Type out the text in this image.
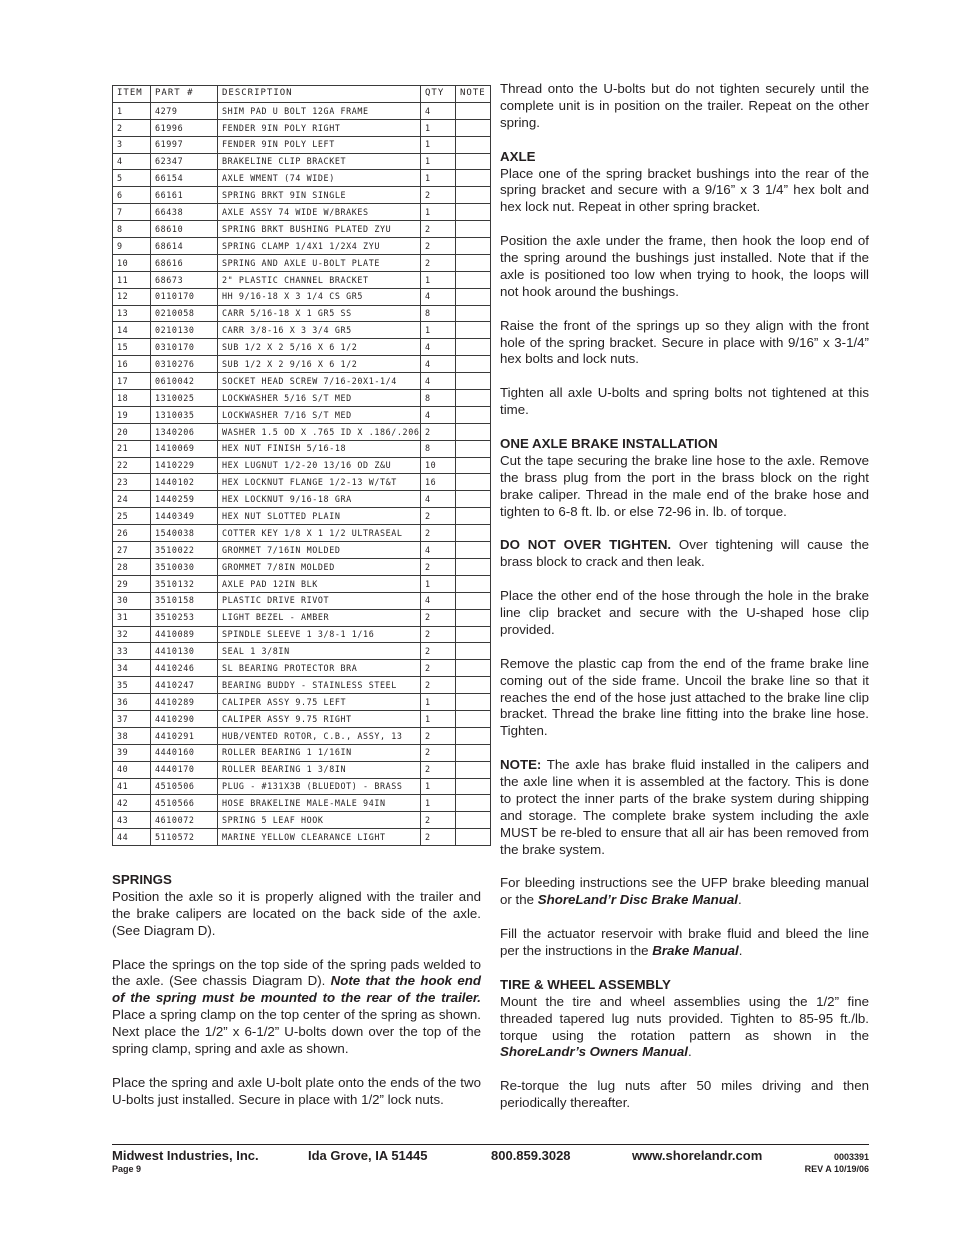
ITEM	PART #	DESCRIPTION	QTY	NOTE
1	4279	SHIM PAD U BOLT 12GA FRAME	4	
2	61996	FENDER 9IN POLY RIGHT	1	
3	61997	FENDER 9IN POLY LEFT	1	
4	62347	BRAKELINE CLIP BRACKET	1	
5	66154	AXLE WMENT (74 WIDE)	1	
6	66161	SPRING BRKT 9IN SINGLE	2	
7	66438	AXLE ASSY 74 WIDE W/BRAKES	1	
8	68610	SPRING BRKT BUSHING PLATED ZYU	2	
9	68614	SPRING CLAMP 1/4X1 1/2X4 ZYU	2	
10	68616	SPRING AND AXLE U-BOLT PLATE	2	
11	68673	2" PLASTIC CHANNEL BRACKET	1	
12	0110170	HH 9/16-18 X 3 1/4 CS GR5	4	
13	0210058	CARR 5/16-18 X 1 GR5 SS	8	
14	0210130	CARR 3/8-16 X 3 3/4 GR5	1	
15	0310170	SUB 1/2 X 2 5/16 X 6 1/2	4	
16	0310276	SUB 1/2 X 2 9/16 X 6 1/2	4	
17	0610042	SOCKET HEAD SCREW 7/16-20X1-1/4	4	
18	1310025	LOCKWASHER 5/16 S/T MED	8	
19	1310035	LOCKWASHER 7/16 S/T MED	4	
20	1340206	WASHER 1.5 OD X .765 ID X .186/.206	2	
21	1410069	HEX NUT FINISH 5/16-18	8	
22	1410229	HEX LUGNUT 1/2-20 13/16 OD Z&U	10	
23	1440102	HEX LOCKNUT FLANGE 1/2-13 W/T&T	16	
24	1440259	HEX LOCKNUT 9/16-18 GRA	4	
25	1440349	HEX NUT SLOTTED PLAIN	2	
26	1540038	COTTER KEY 1/8 X 1 1/2 ULTRASEAL	2	
27	3510022	GROMMET 7/16IN MOLDED	4	
28	3510030	GROMMET 7/8IN MOLDED	2	
29	3510132	AXLE PAD 12IN BLK	1	
30	3510158	PLASTIC DRIVE RIVOT	4	
31	3510253	LIGHT BEZEL - AMBER	2	
32	4410089	SPINDLE SLEEVE 1 3/8-1 1/16	2	
33	4410130	SEAL 1 3/8IN	2	
34	4410246	SL BEARING PROTECTOR BRA	2	
35	4410247	BEARING BUDDY - STAINLESS STEEL	2	
36	4410289	CALIPER ASSY 9.75 LEFT	1	
37	4410290	CALIPER ASSY 9.75 RIGHT	1	
38	4410291	HUB/VENTED ROTOR, C.B., ASSY, 13	2	
39	4440160	ROLLER BEARING 1 1/16IN	2	
40	4440170	ROLLER BEARING 1 3/8IN	2	
41	4510506	PLUG - #131X3B (BLUEDOT) - BRASS	1	
42	4510566	HOSE BRAKELINE MALE-MALE 94IN	1	
43	4610072	SPRING 5 LEAF HOOK	2	
44	5110572	MARINE YELLOW CLEARANCE LIGHT	2	
SPRINGS

Position the axle so it is properly aligned with the trailer and the brake calipers are located on the back side of the axle. (See Diagram D).

Place the springs on the top side of the spring pads welded to the axle. (See chassis Diagram D). Note that the hook end of the spring must be mounted to the rear of the trailer. Place a spring clamp on the top center of the spring as shown. Next place the 1/2” x 6-1/2” U-bolts down over the top of the spring clamp, spring and axle as shown.

Place the spring and axle U-bolt plate onto the ends of the two U-bolts just installed. Secure in place with 1/2” lock nuts.

Thread onto the U-bolts but do not tighten securely until the complete unit is in position on the trailer. Repeat on the other spring.

AXLE

Place one of the spring bracket bushings into the rear of the spring bracket and secure with a 9/16” x 3 1/4” hex bolt and hex lock nut. Repeat in other spring bracket.

Position the axle under the frame, then hook the loop end of the spring around the bushings just installed. Note that if the axle is positioned too low when trying to hook, the loops will not hook around the bushings.

Raise the front of the springs up so they align with the front hole of the spring bracket. Secure in place with 9/16” x 3-1/4” hex bolts and lock nuts.

Tighten all axle U-bolts and spring bolts not tightened at this time.

ONE AXLE BRAKE INSTALLATION

Cut the tape securing the brake line hose to the axle. Remove the brass plug from the port in the brass block on the right brake caliper. Thread in the male end of the brake hose and tighten to 6-8 ft. lb. or else 72-96 in. lb. of torque.

DO NOT OVER TIGHTEN. Over tightening will cause the brass block to crack and then leak.

Place the other end of the hose through the hole in the brake line clip bracket and secure with the U-shaped hose clip provided.

Remove the plastic cap from the end of the frame brake line coming out of the side frame. Uncoil the brake line so that it reaches the end of the hose just attached to the brake line clip bracket. Thread the brake line fitting into the brake line hose. Tighten.

NOTE: The axle has brake fluid installed in the calipers and the axle line when it is assembled at the factory. This is done to protect the inner parts of the brake system during shipping and storage. The complete brake system including the axle MUST be re-bled to ensure that all air has been removed from the brake system.

For bleeding instructions see the UFP brake bleeding manual or the ShoreLand’r Disc Brake Manual.

Fill the actuator reservoir with brake fluid and bleed the line per the instructions in the Brake Manual.

TIRE & WHEEL ASSEMBLY

Mount the tire and wheel assemblies using the 1/2” fine threaded tapered lug nuts provided. Tighten to 85-95 ft./lb. torque using the rotation pattern as shown in the ShoreLandr’s Owners Manual.

Re-torque the lug nuts after 50 miles driving and then periodically thereafter.

Midwest Industries, Inc.	Ida Grove, IA 51445	800.859.3028	www.shorelandr.com
Page 9
0003391
REV A 10/19/06
